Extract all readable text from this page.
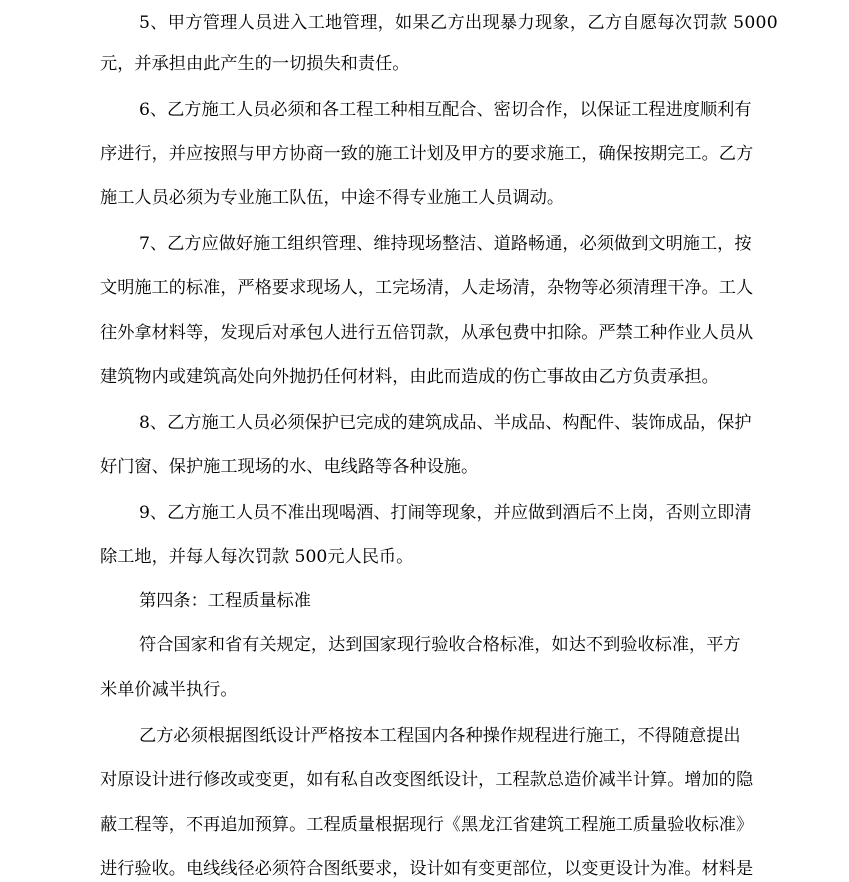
5、甲方管理人员进入工地管理，如果乙方出现暴力现象，乙方自愿每次罚款 5000
元，并承担由此产生的一切损失和责任。
6、乙方施工人员必须和各工程工种相互配合、密切合作，以保证工程进度顺利有
序进行，并应按照与甲方协商一致的施工计划及甲方的要求施工，确保按期完工。乙方
施工人员必须为专业施工队伍，中途不得专业施工人员调动。
7、乙方应做好施工组织管理、维持现场整洁、道路畅通，必须做到文明施工，按
文明施工的标准，严格要求现场人，工完场清，人走场清，杂物等必须清理干净。工人
往外拿材料等，发现后对承包人进行五倍罚款，从承包费中扣除。严禁工种作业人员从
建筑物内或建筑高处向外抛扔任何材料，由此而造成的伤亡事故由乙方负责承担。
8、乙方施工人员必须保护已完成的建筑成品、半成品、构配件、装饰成品，保护
好门窗、保护施工现场的水、电线路等各种设施。
9、乙方施工人员不准出现喝酒、打闹等现象，并应做到酒后不上岗，否则立即清
除工地，并每人每次罚款 500元人民币。
第四条：工程质量标准
符合国家和省有关规定，达到国家现行验收合格标准，如达不到验收标准，平方
米单价减半执行。
乙方必须根据图纸设计严格按本工程国内各种操作规程进行施工，不得随意提出
对原设计进行修改或变更，如有私自改变图纸设计，工程款总造价减半计算。增加的隐
蔽工程等，不再追加预算。工程质量根据现行《黑龙江省建筑工程施工质量验收标准》
进行验收。电线线径必须符合图纸要求，设计如有变更部位，以变更设计为准。材料是
